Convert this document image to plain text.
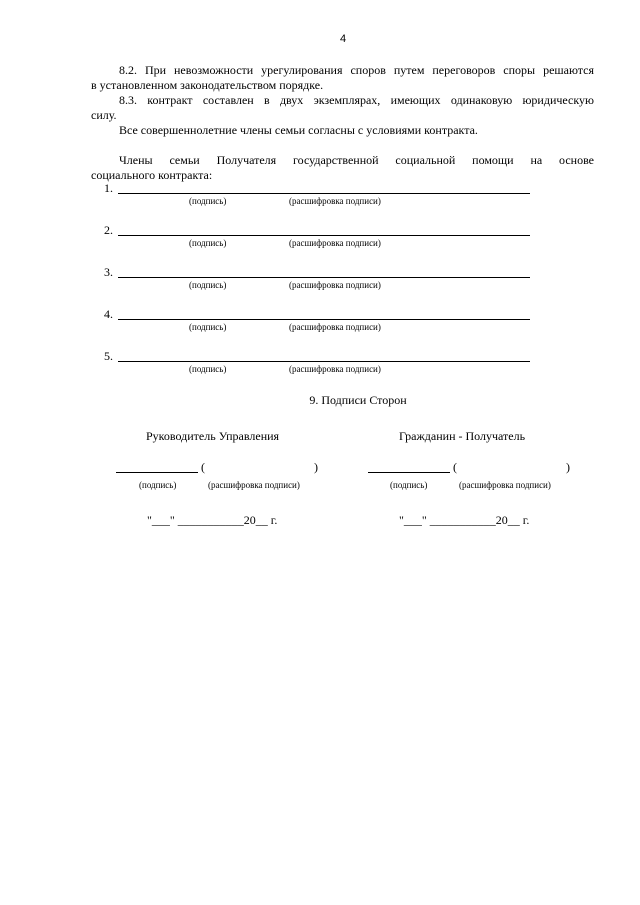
4
8.2. При невозможности урегулирования споров путем переговоров споры решаются
в установленном законодательством порядке.
8.3. контракт составлен в двух экземплярах, имеющих одинаковую юридическую
силу.
Все совершеннолетние члены семьи согласны с условиями контракта.
Члены семьи Получателя государственной социальной помощи на основе
социального контракта:
1.
(подпись)	(расшифровка подписи)
2.
(подпись)	(расшифровка подписи)
3.
(подпись)	(расшифровка подписи)
4.
(подпись)	(расшифровка подписи)
5.
(подпись)	(расшифровка подписи)
9. Подписи Сторон
Руководитель Управления
(	)
(подпись)	(расшифровка подписи)
"___" ___________20__ г.
Гражданин - Получатель
(	)
(подпись)	(расшифровка подписи)
"___" ___________20__ г.
